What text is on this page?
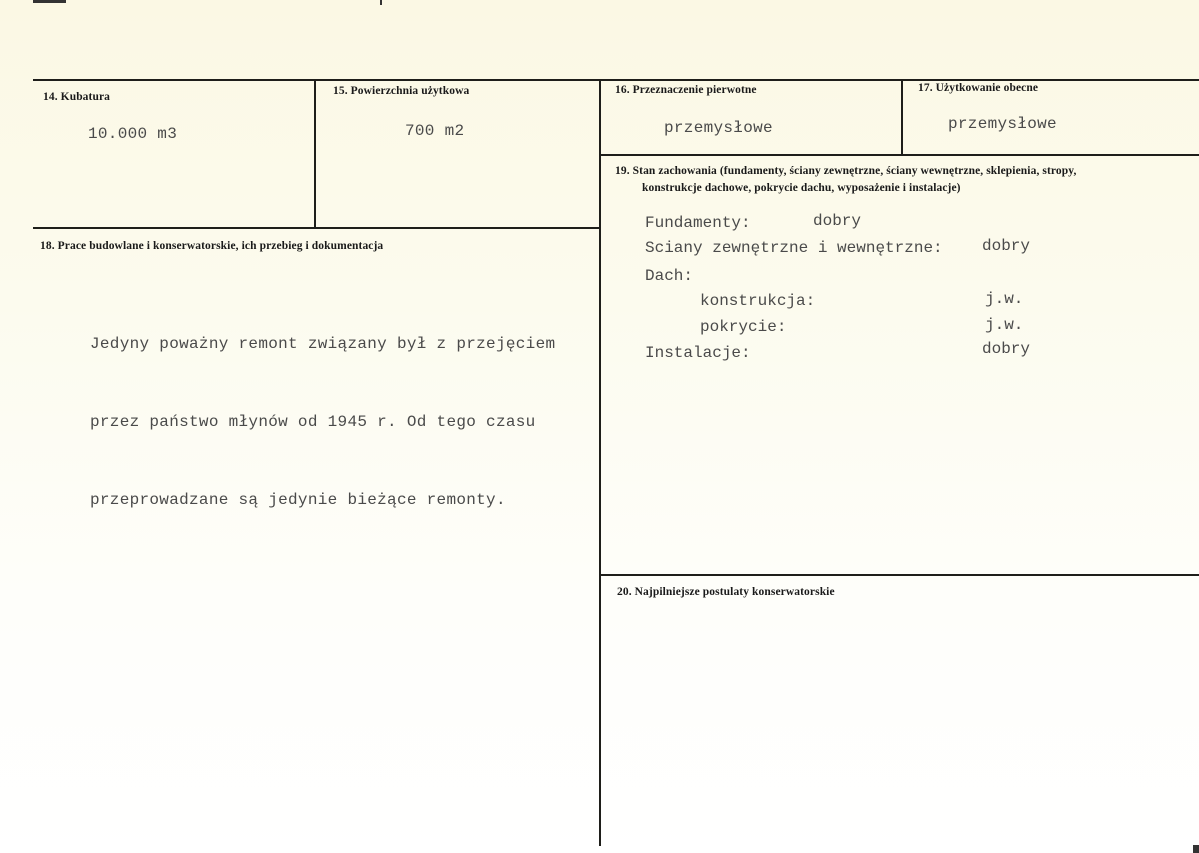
14. Kubatura
10.000 m3
15. Powierzchnia użytkowa
700 m2
16. Przeznaczenie pierwotne
przemysłowe
17. Użytkowanie obecne
przemysłowe
18. Prace budowlane i konserwatorskie, ich przebieg i dokumentacja

Jedyny poważny remont związany był z przejęciem

przez państwo młynów od 1945 r. Od tego czasu

przeprowadzane są jedynie bieżące remonty.

19. Stan zachowania (fundamenty, ściany zewnętrzne, ściany wewnętrzne, sklepienia, stropy,
konstrukcje dachowe, pokrycie dachu, wyposażenie i instalacje)
Fundamenty:	dobry
Sciany zewnętrzne i wewnętrzne: dobry
Dach:
konstrukcja:	j.w.
pokrycie:	j.w.
Instalacje:	dobry
20. Najpilniejsze postulaty konserwatorskie
